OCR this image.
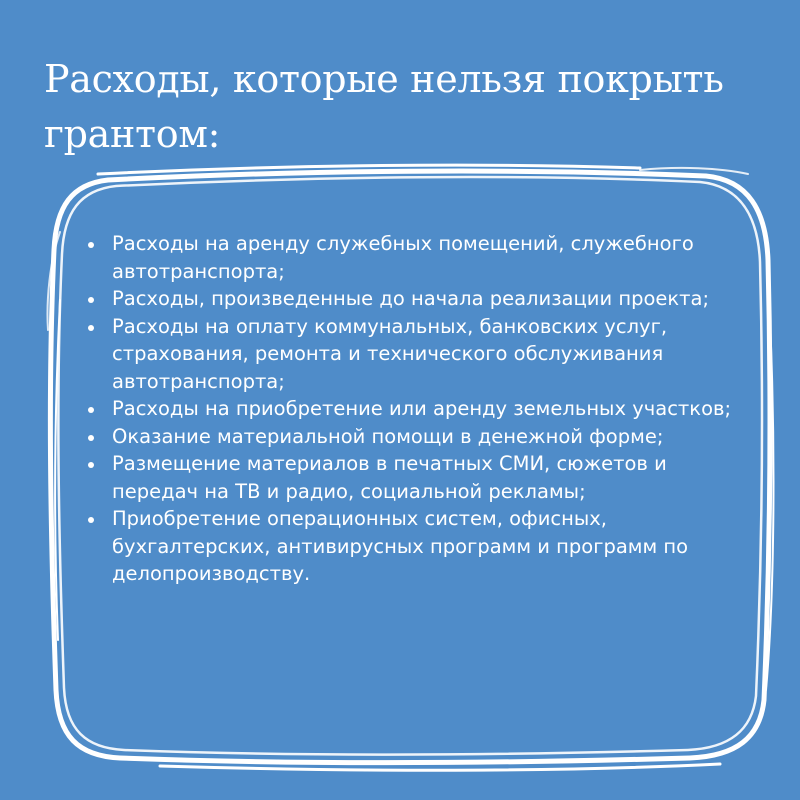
Расходы, которые нельзя покрыть грантом:
Расходы на аренду служебных помещений, служебного автотранспорта;
Расходы, произведенные до начала реализации проекта;
Расходы на оплату коммунальных, банковских услуг, страхования, ремонта и технического обслуживания автотранспорта;
Расходы на приобретение или аренду земельных участков;
Оказание материальной помощи в денежной форме;
Размещение материалов в печатных СМИ, сюжетов и передач на ТВ и радио, социальной рекламы;
Приобретение операционных систем, офисных, бухгалтерских, антивирусных программ и программ по делопроизводству.
